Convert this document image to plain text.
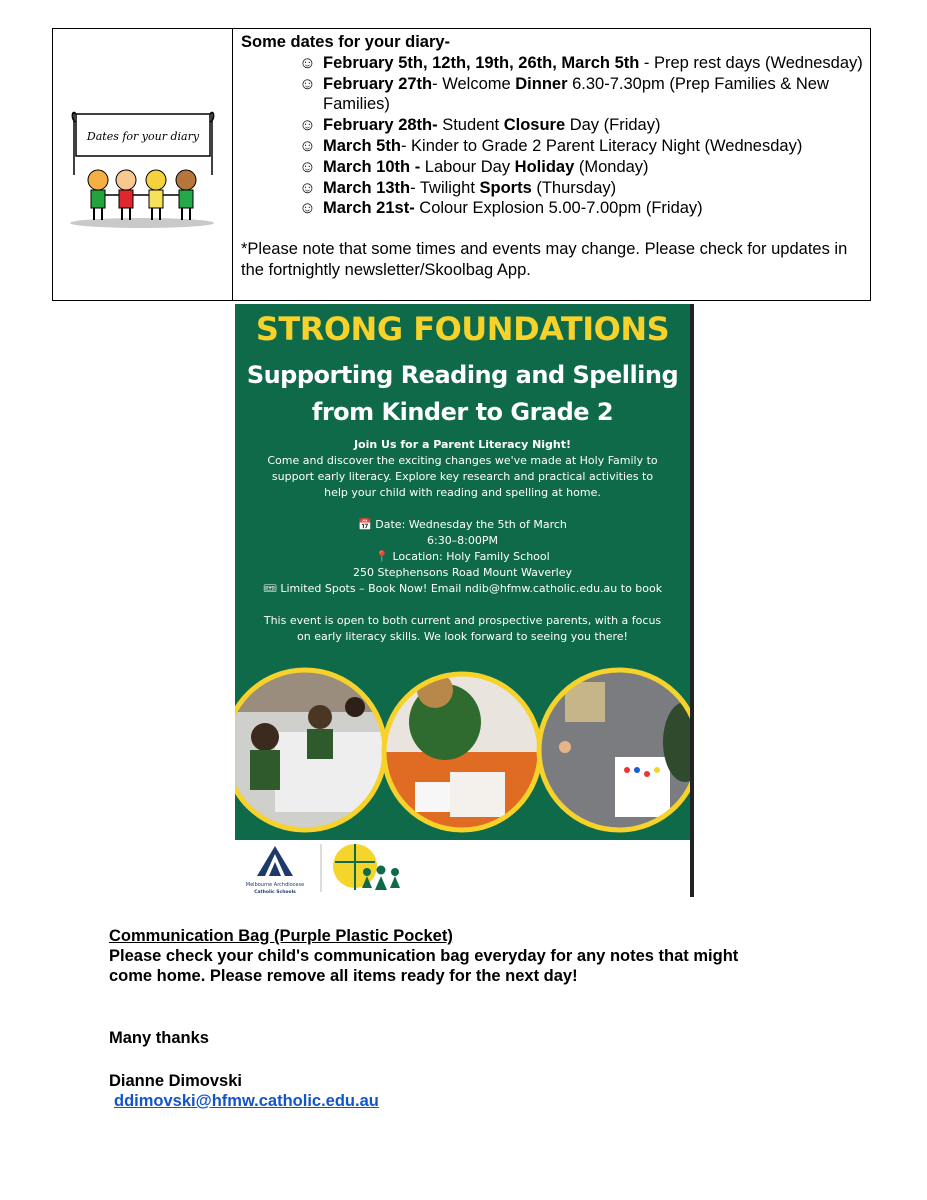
Dates for your diary
Some dates for your diary-
☺ February 5th, 12th, 19th, 26th, March 5th - Prep rest days (Wednesday)
☺ February 27th- Welcome Dinner 6.30-7.30pm (Prep Families & New Families)
☺ February 28th- Student Closure Day (Friday)
☺ March 5th- Kinder to Grade 2 Parent Literacy Night (Wednesday)
☺ March 10th - Labour Day Holiday (Monday)
☺ March 13th- Twilight Sports (Thursday)
☺ March 21st- Colour Explosion 5.00-7.00pm (Friday)
*Please note that some times and events may change. Please check for updates in the fortnightly newsletter/Skoolbag App.
STRONG FOUNDATIONS
Supporting Reading and Spelling
from Kinder to Grade 2
Join Us for a Parent Literacy Night!
Come and discover the exciting changes we've made at Holy Family to
support early literacy. Explore key research and practical activities to
help your child with reading and spelling at home.
📅 Date: Wednesday the 5th of March
6:30–8:00PM
📍 Location: Holy Family School
250 Stephensons Road Mount Waverley
🎟 Limited Spots – Book Now! Email ndib@hfmw.catholic.edu.au to book
This event is open to both current and prospective parents, with a focus
on early literacy skills. We look forward to seeing you there!
Melbourne Archdiocese
Catholic Schools
Communication Bag (Purple Plastic Pocket)
Please check your child's communication bag everyday for any notes that might
come home. Please remove all items ready for the next day!
Many thanks
Dianne Dimovski
ddimovski@hfmw.catholic.edu.au
